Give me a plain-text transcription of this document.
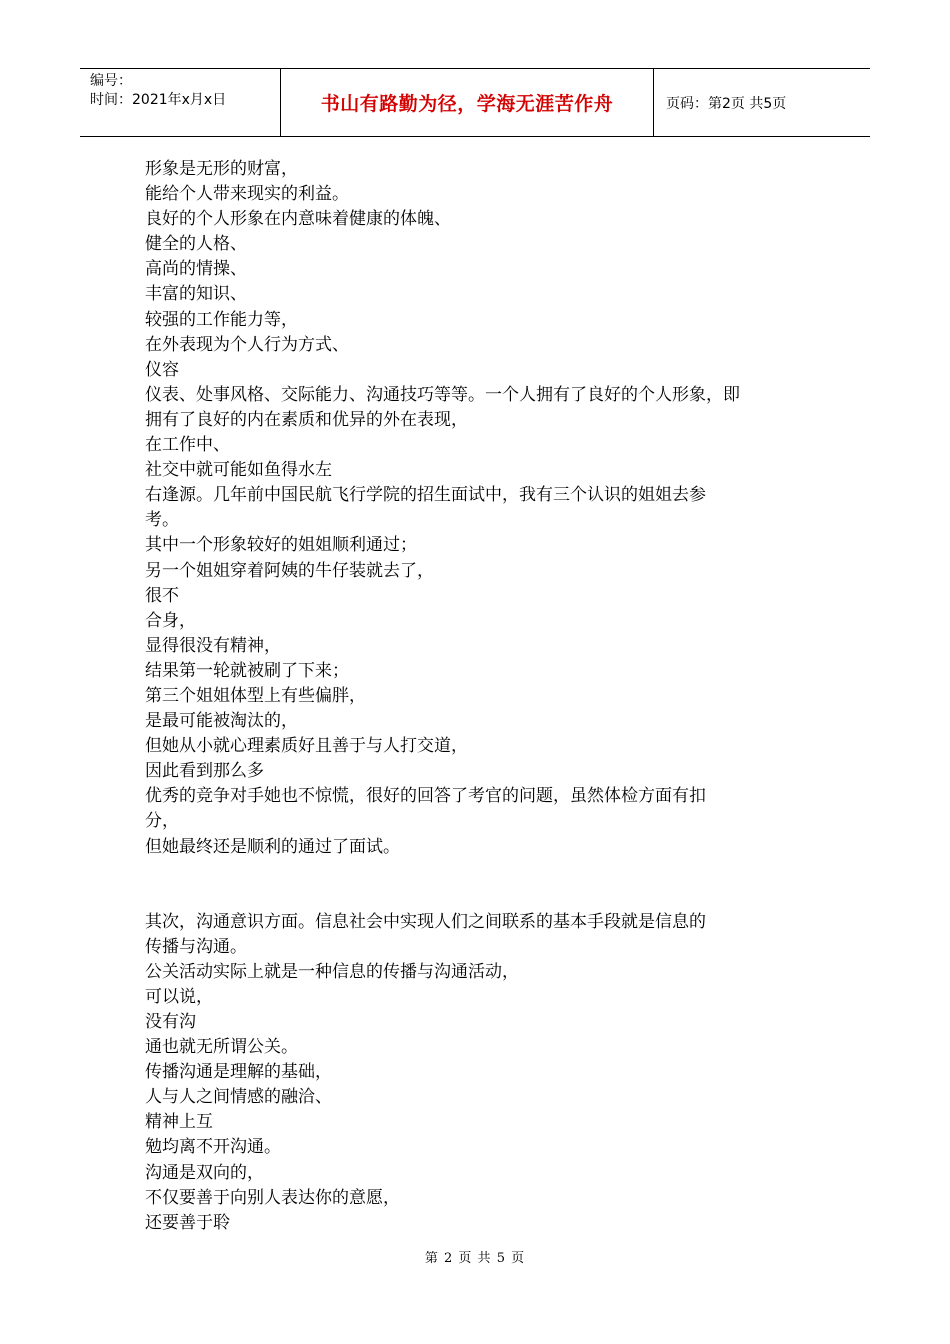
编号：
时间：2021年x月x日	书山有路勤为径，学海无涯苦作舟	页码：第2页 共5页
形象是无形的财富，
能给个人带来现实的利益。
良好的个人形象在内意味着健康的体魄、
健全的人格、
高尚的情操、
丰富的知识、
较强的工作能力等，
在外表现为个人行为方式、
仪容
仪表、处事风格、交际能力、沟通技巧等等。一个人拥有了良好的个人形象，即
拥有了良好的内在素质和优异的外在表现，
在工作中、
社交中就可能如鱼得水左
右逢源。几年前中国民航飞行学院的招生面试中，我有三个认识的姐姐去参
考。
其中一个形象较好的姐姐顺利通过；
另一个姐姐穿着阿姨的牛仔装就去了，
很不
合身，
显得很没有精神，
结果第一轮就被刷了下来；
第三个姐姐体型上有些偏胖，
是最可能被淘汰的，
但她从小就心理素质好且善于与人打交道，
因此看到那么多
优秀的竞争对手她也不惊慌，很好的回答了考官的问题，虽然体检方面有扣
分，
但她最终还是顺利的通过了面试。
其次，沟通意识方面。信息社会中实现人们之间联系的基本手段就是信息的
传播与沟通。
公关活动实际上就是一种信息的传播与沟通活动，
可以说，
没有沟
通也就无所谓公关。
传播沟通是理解的基础，
人与人之间情感的融洽、
精神上互
勉均离不开沟通。
沟通是双向的，
不仅要善于向别人表达你的意愿，
还要善于聆
第 2 页 共 5 页
